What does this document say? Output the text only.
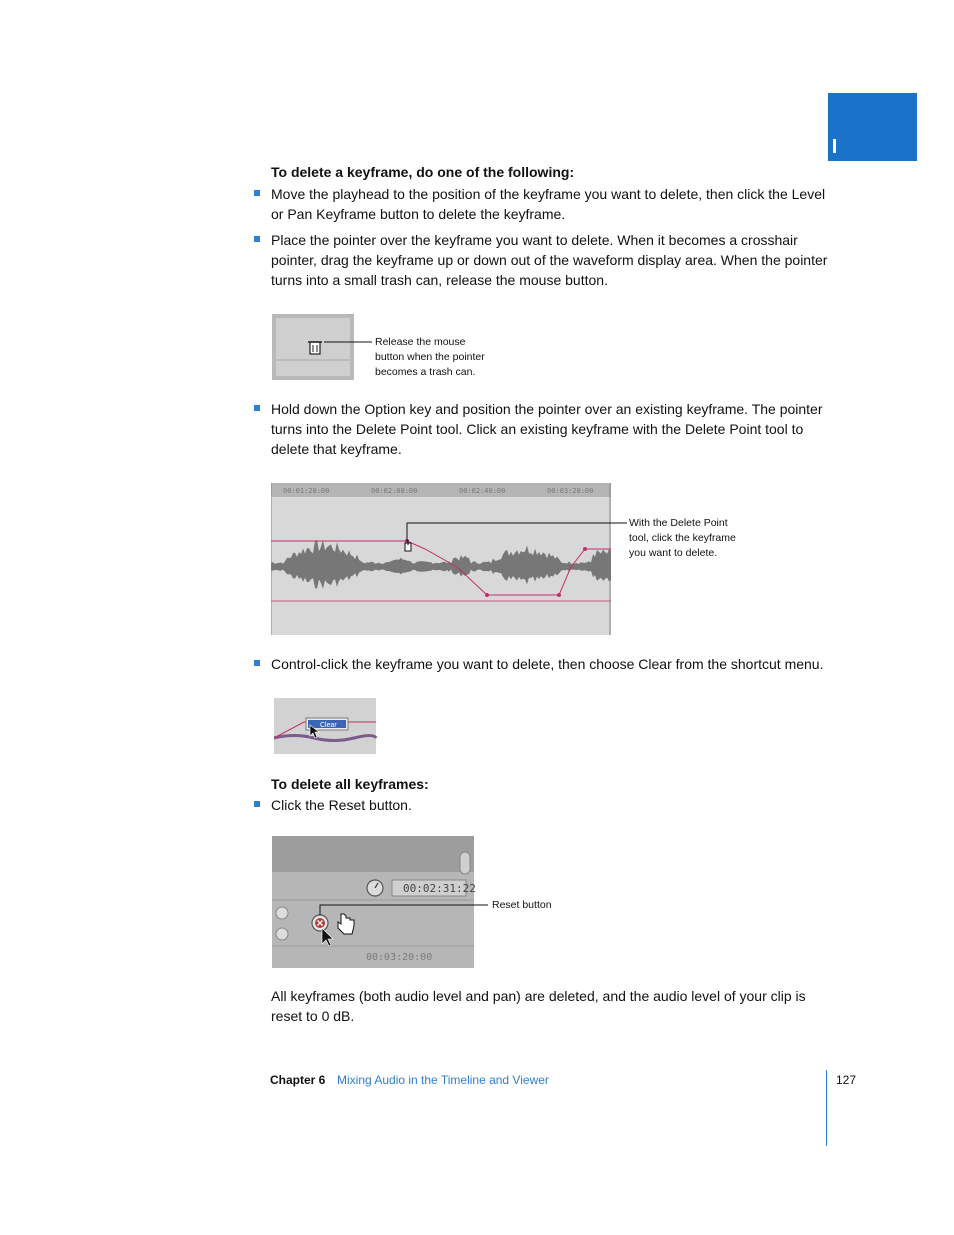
To delete a keyframe, do one of the following:
Move the playhead to the position of the keyframe you want to delete, then click the Level or Pan Keyframe button to delete the keyframe.
Place the pointer over the keyframe you want to delete. When it becomes a crosshair pointer, drag the keyframe up or down out of the waveform display area. When the pointer turns into a small trash can, release the mouse button.
Release the mouse
button when the pointer
becomes a trash can.
Hold down the Option key and position the pointer over an existing keyframe. The pointer turns into the Delete Point tool. Click an existing keyframe with the Delete Point tool to delete that keyframe.
00:01:20:00	00:02:00:00	00:02:40:00	00:03:20:00
With the Delete Point
tool, click the keyframe
you want to delete.
Control-click the keyframe you want to delete, then choose Clear from the shortcut menu.
Clear
To delete all keyframes:
Click the Reset button.
00:02:31:22
00:03:20:00
Reset button
All keyframes (both audio level and pan) are deleted, and the audio level of your clip is reset to 0 dB.
Chapter 6 Mixing Audio in the Timeline and Viewer	127
